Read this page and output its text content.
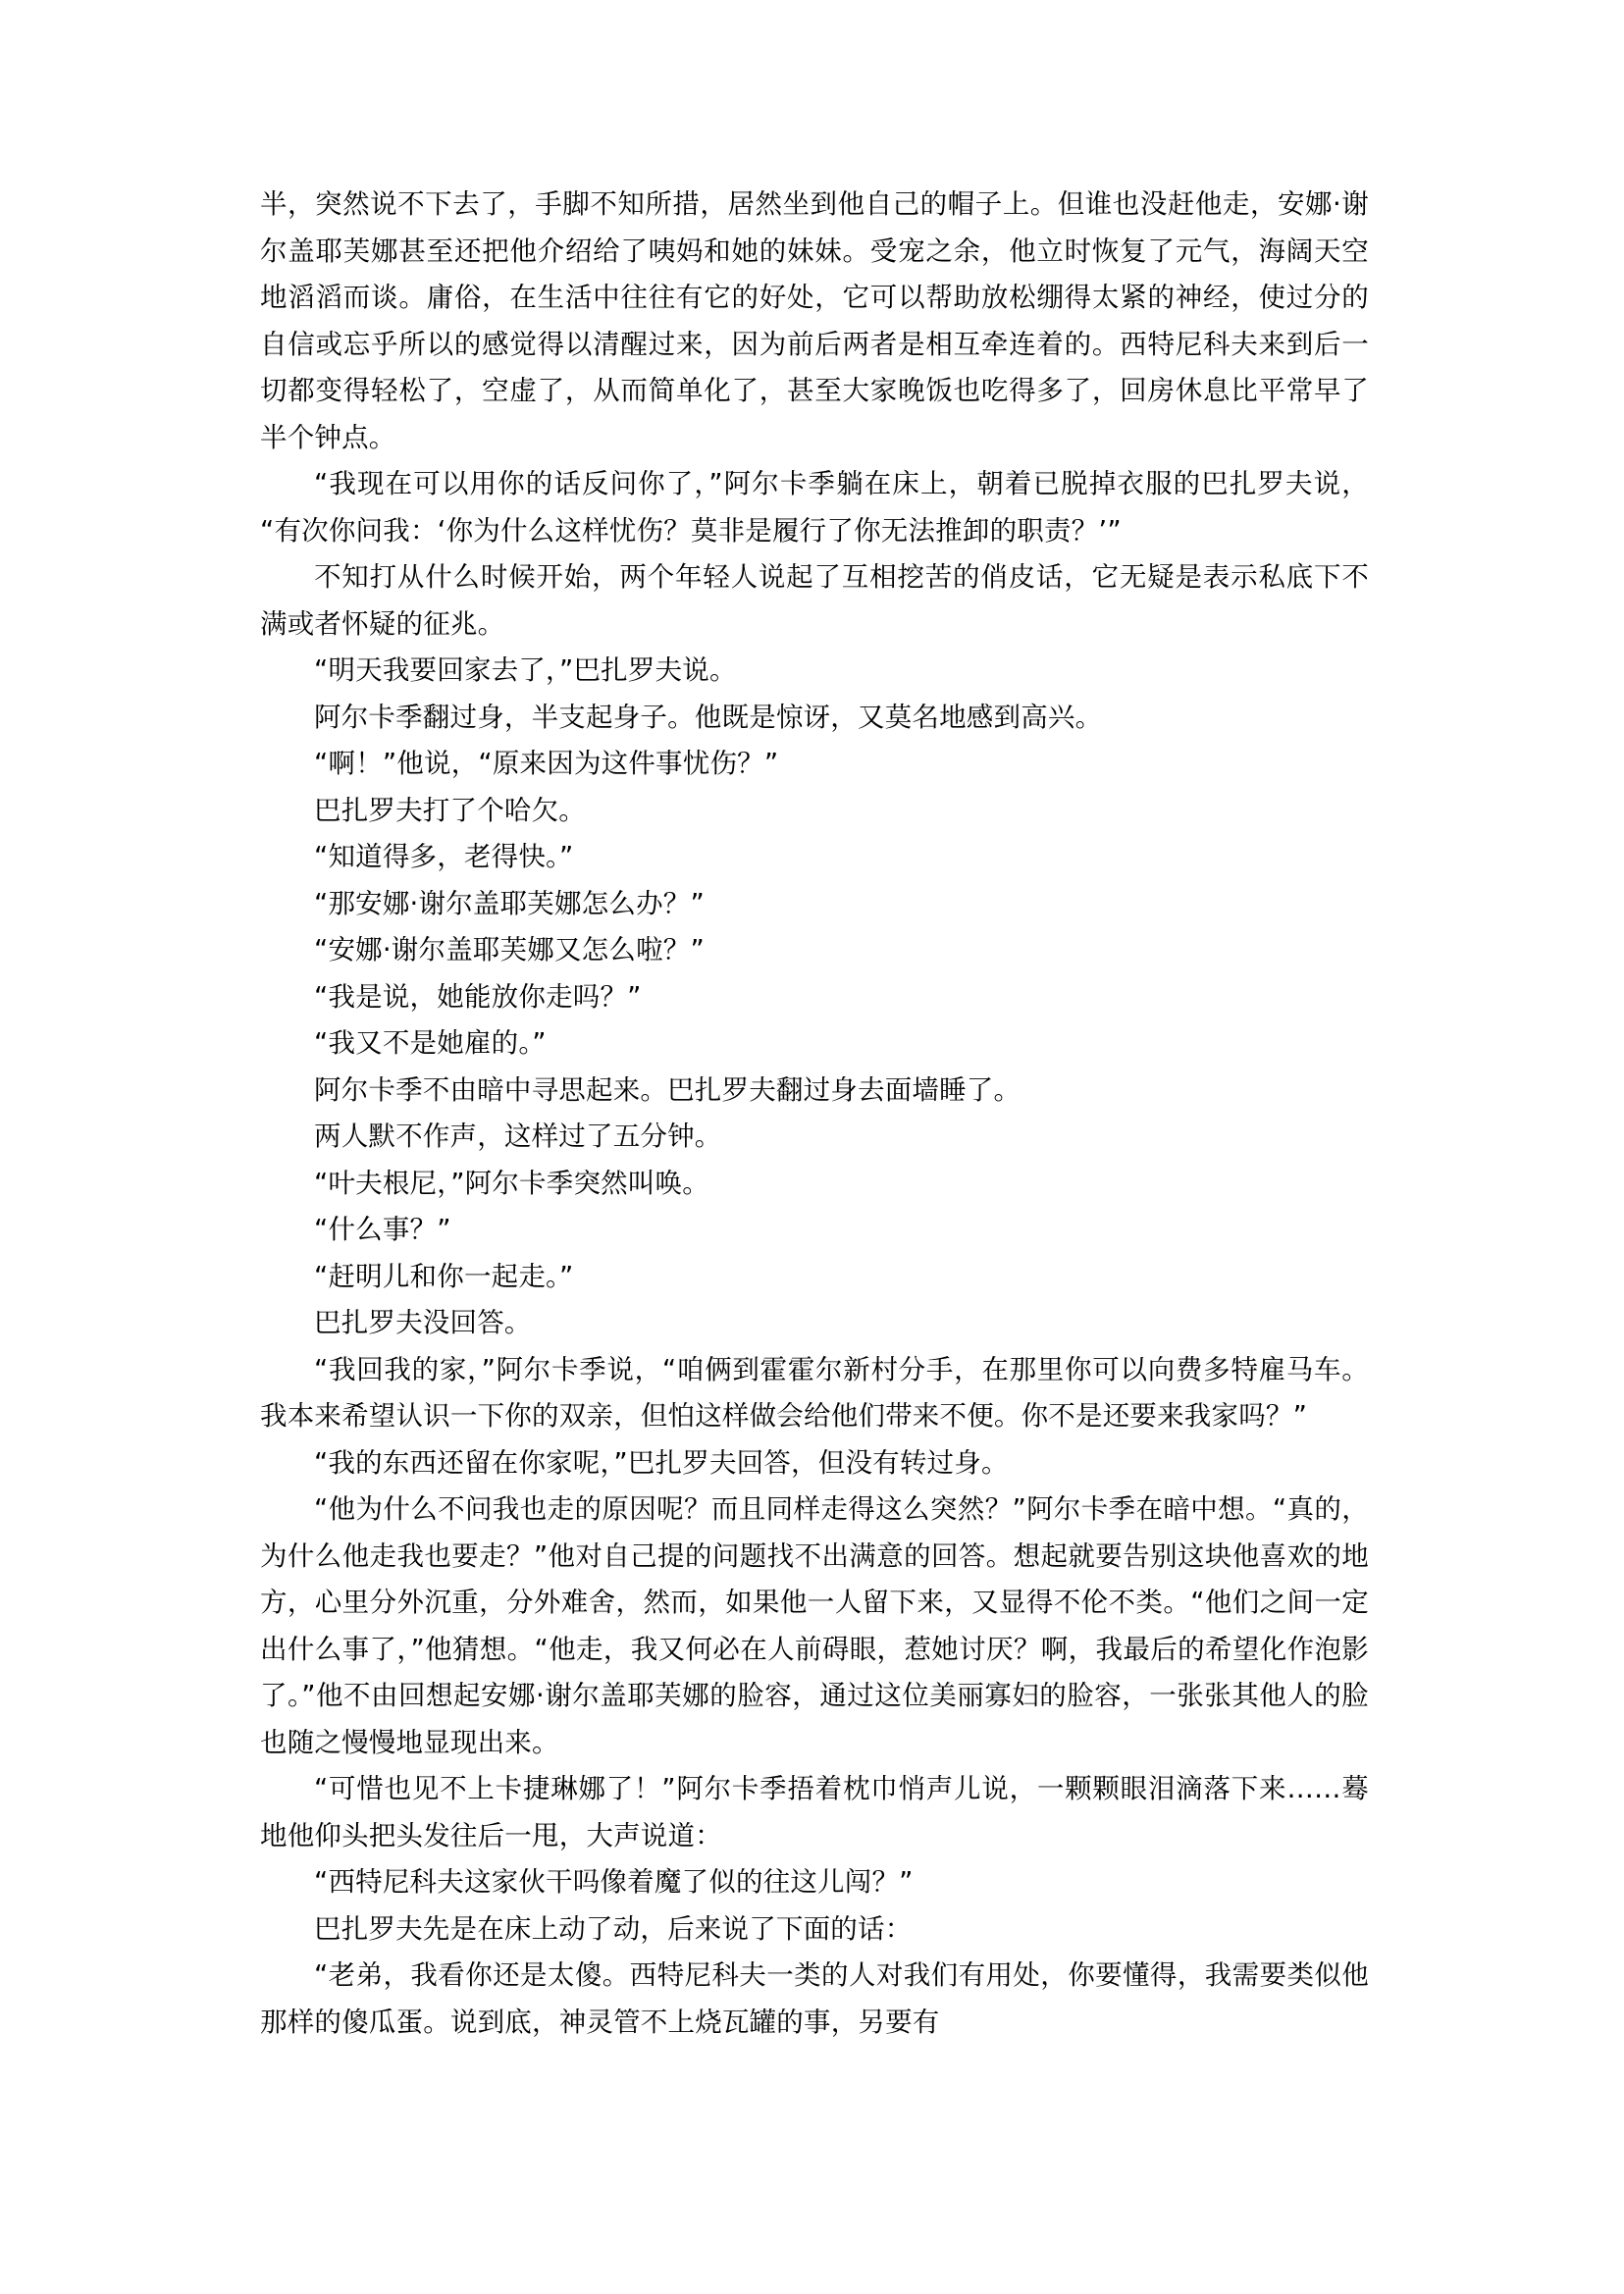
半，突然说不下去了，手脚不知所措，居然坐到他自己的帽子上。但谁也没赶他走，安娜·谢尔盖耶芙娜甚至还把他介绍给了咦妈和她的妹妹。受宠之余，他立时恢复了元气，海阔天空地滔滔而谈。庸俗，在生活中往往有它的好处，它可以帮助放松绷得太紧的神经，使过分的自信或忘乎所以的感觉得以清醒过来，因为前后两者是相互牵连着的。西特尼科夫来到后一切都变得轻松了，空虚了，从而简单化了，甚至大家晚饭也吃得多了，回房休息比平常早了半个钟点。

“我现在可以用你的话反问你了，”阿尔卡季躺在床上，朝着已脱掉衣服的巴扎罗夫说，“有次你问我：‘你为什么这样忧伤？莫非是履行了你无法推卸的职责？’”

不知打从什么时候开始，两个年轻人说起了互相挖苦的俏皮话，它无疑是表示私底下不满或者怀疑的征兆。

“明天我要回家去了，”巴扎罗夫说。

阿尔卡季翻过身，半支起身子。他既是惊讶，又莫名地感到高兴。

“啊！”他说，“原来因为这件事忧伤？”

巴扎罗夫打了个哈欠。

“知道得多，老得快。”

“那安娜·谢尔盖耶芙娜怎么办？”

“安娜·谢尔盖耶芙娜又怎么啦？”

“我是说，她能放你走吗？”

“我又不是她雇的。”

阿尔卡季不由暗中寻思起来。巴扎罗夫翻过身去面墙睡了。

两人默不作声，这样过了五分钟。

“叶夫根尼，”阿尔卡季突然叫唤。

“什么事？”

“赶明儿和你一起走。”

巴扎罗夫没回答。

“我回我的家，”阿尔卡季说，“咱俩到霍霍尔新村分手，在那里你可以向费多特雇马车。我本来希望认识一下你的双亲，但怕这样做会给他们带来不便。你不是还要来我家吗？”

“我的东西还留在你家呢，”巴扎罗夫回答，但没有转过身。

“他为什么不问我也走的原因呢？而且同样走得这么突然？”阿尔卡季在暗中想。“真的，为什么他走我也要走？”他对自己提的问题找不出满意的回答。想起就要告别这块他喜欢的地方，心里分外沉重，分外难舍，然而，如果他一人留下来，又显得不伦不类。“他们之间一定出什么事了，”他猜想。“他走，我又何必在人前碍眼，惹她讨厌？啊，我最后的希望化作泡影了。”他不由回想起安娜·谢尔盖耶芙娜的脸容，通过这位美丽寡妇的脸容，一张张其他人的脸也随之慢慢地显现出来。

“可惜也见不上卡捷琳娜了！”阿尔卡季捂着枕巾悄声儿说，一颗颗眼泪滴落下来……蓦地他仰头把头发往后一甩，大声说道：

“西特尼科夫这家伙干吗像着魔了似的往这儿闯？”

巴扎罗夫先是在床上动了动，后来说了下面的话：

“老弟，我看你还是太傻。西特尼科夫一类的人对我们有用处，你要懂得，我需要类似他那样的傻瓜蛋。说到底，神灵管不上烧瓦罐的事，另要有
